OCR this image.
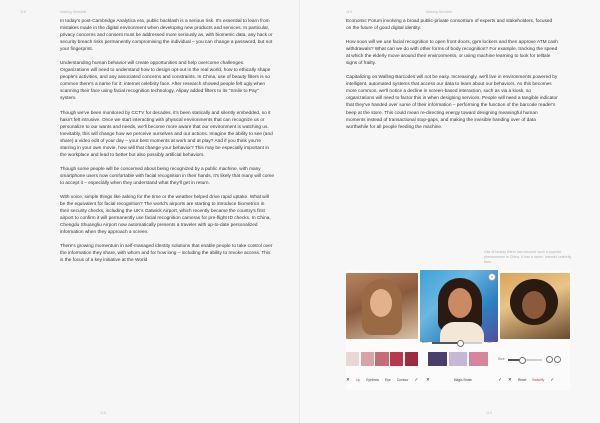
Making Sensible
118

In today's post-Cambridge Analytica era, public backlash is a serious risk. It's essential to learn from mistakes made in the digital environment when developing new products and services. In particular, privacy concerns and consent must be addressed more seriously as, with biometric data, any hack or security breach risks permanently compromising the individual – you can change a password, but not your fingerprint.

Understanding human behavior will create opportunities and help overcome challenges. Organizations will need to understand how to design opt-out in the real world, how to ethically shape people's activities, and any associated concerns and constraints. In China, use of beauty filters is so common there's a name for it: internet celebrity face. After research showed people felt ugly when scanning their face using facial recognition technology, Alipay added filters to its "Smile to Pay" system.

Though we've been monitored by CCTV for decades, it's been statically and silently embedded, so it hasn't felt intrusive. Once we start interacting with physical environments that can recognize us or personalize to our wants and needs, we'll become more aware that our environment is watching us. Inevitably, this will change how we perceive ourselves and our actions. Imagine the ability to see (and share) a video edit of your day – your best moments at work and at play? And if you think you're starring in your own movie, how will that change your behavior? This may be especially important in the workplace and lead to better but also possibly artificial behaviors.

Though some people will be concerned about being recognized by a public machine, with many smartphone users now comfortable with facial recognition in their hands, it's likely that many will come to accept it – especially when they understand what they'll get in return.

With voice, simple things like asking for the time or the weather helped drive rapid uptake. What will be the equivalent for facial recognition? The world's airports are starting to introduce biometrics in their security checks, including the UK's Gatwick Airport, which recently became the country's first airport to confirm it will permanently use facial recognition cameras for pre-flight ID checks. In China, Chengdu Shuangliu Airport now automatically presents a traveler with up-to-date personalized information when they approach a screen.

There's growing momentum in self-managed identity solutions that enable people to take control over the information they share, with whom and for how long – including the ability to revoke access. This is the focus of a key initiative at the World

118
119	Making Sensible

Economic Forum involving a broad public-private consortium of experts and stakeholders, focused on the future of good digital identity.

How soon will we use facial recognition to open front doors, gym lockers and then approve ATM cash withdrawals? What can we do with other forms of body recognition? For example, tracking the speed at which the elderly move around their environments, or using machine learning to look for telltale signs of frailty.

Capitalizing on Walling Barcodes will not be easy. Increasingly, we'll live in environments powered by intelligent, automated systems that access our data to learn about our behaviors. As this becomes more common, we'll notice a decline in screen-based interaction, such as via a kiosk, so organizations will need to factor this in when designing services. People will need a tangible indicator that they've handed over some of their information – performing the function of the barcode reader's beep at the store. This could mean re-directing energy toward designing meaningful human moments instead of transactional stop-gaps, and making the invisible handing over of data worthwhile for all people feeding the machine.

Use of beauty filters has become such a popular phenomenon in China, it has a name: Internet celebrity face.
×
Blur	Filter
Size
✕ Lip Eyebrow Eye Contour ✓ ✕	Magic Brush	✓ ✕ Reset Beautify ✓
119
